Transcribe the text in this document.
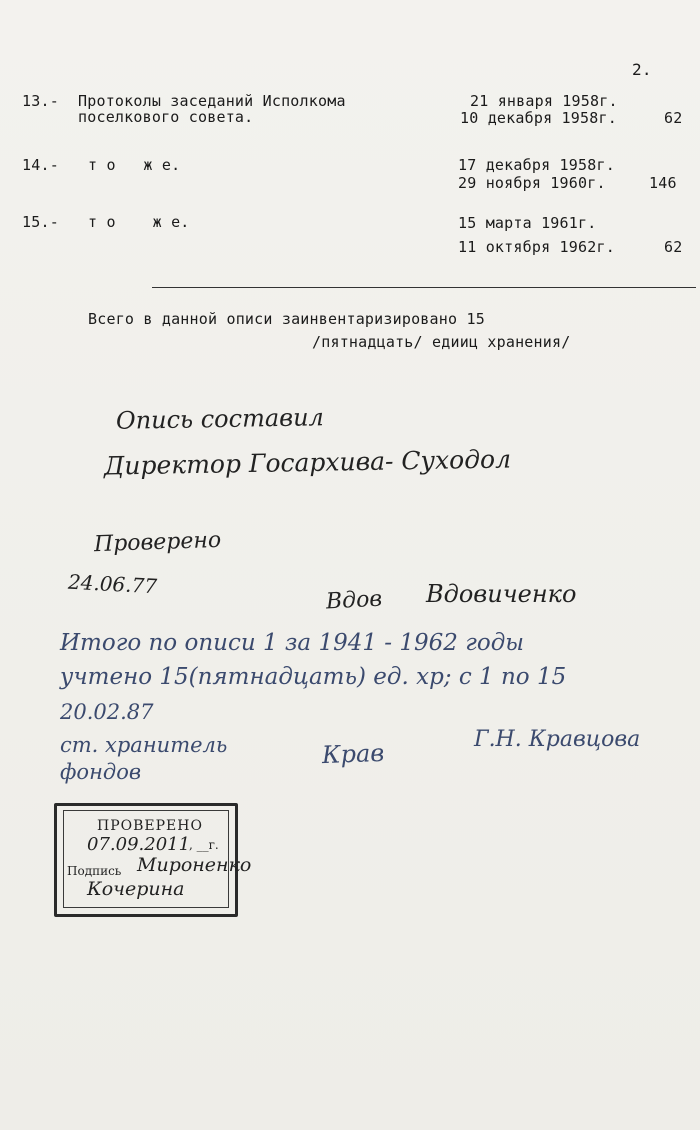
2.
13.- Протоколы заседаний Исполкома
поселкового совета.
21 января 1958г.
10 декабря 1958г.	62
14.- т о   ж е.	17 декабря 1958г.
29 ноября 1960г.	146
15.- т о    ж е.	15 марта 1961г.
11 октября 1962г.	62
Всего в данной описи заинвентаризировано 15
/пятнадцать/ едииц хранения/
Опись составил
Директор Госархива- Суходол
Проверено
24.06.77
Вдов Вдовиченко
Итого по описи 1 за 1941 - 1962 годы
учтено 15(пятнадцать) ед. хр; с 1 по 15
20.02.87
ст. хранитель
фондов
Крав	Г.Н. Кравцова
ПРОВЕРЕНО
07.09.2011
, __г.
Подпись Мироненко
Кочерина
